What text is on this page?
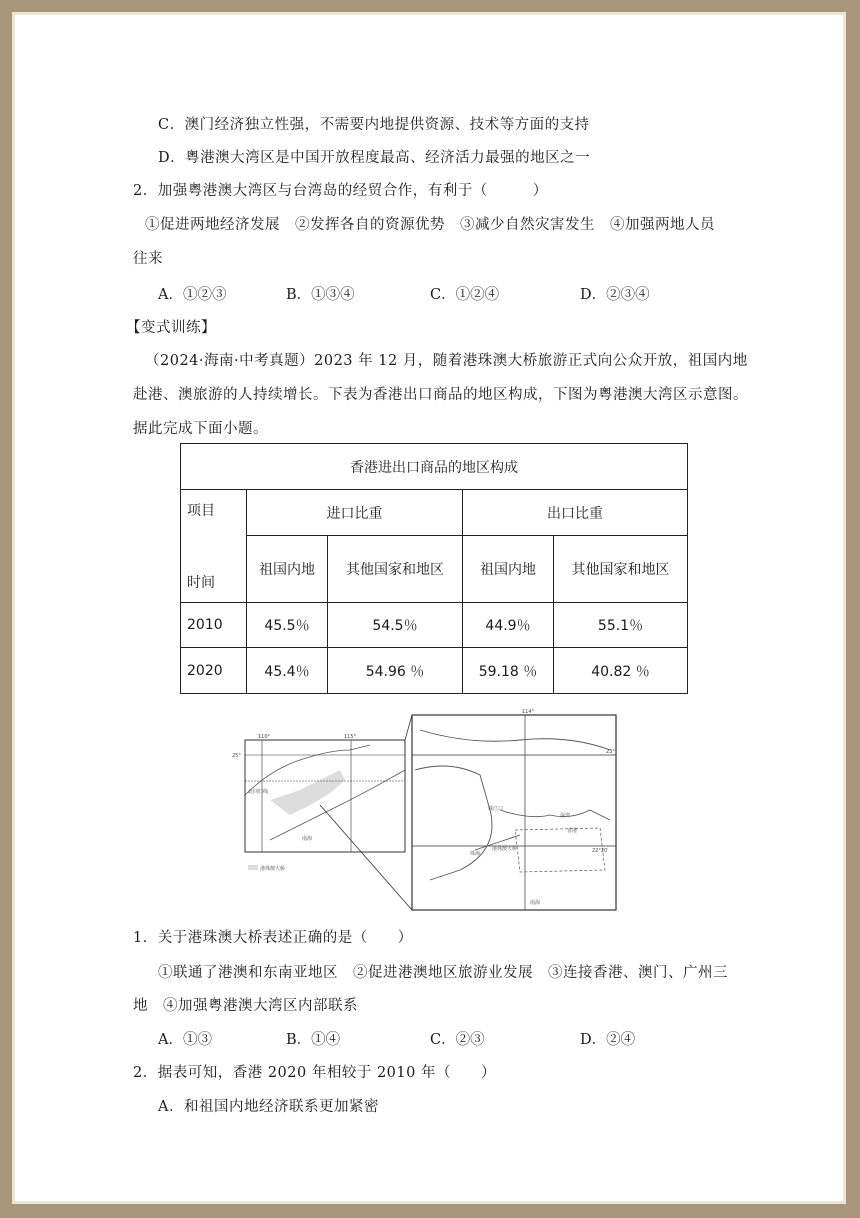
C．澳门经济独立性强，不需要内地提供资源、技术等方面的支持
D．粤港澳大湾区是中国开放程度最高、经济活力最强的地区之一
2．加强粤港澳大湾区与台湾岛的经贸合作，有利于（　　　）
①促进两地经济发展　②发挥各自的资源优势　③减少自然灾害发生　④加强两地人员
往来
A．①②③	B．①③④	C．①②④	D．②③④
【变式训练】
（2024·海南·中考真题）2023 年 12 月，随着港珠澳大桥旅游正式向公众开放，祖国内地
赴港、澳旅游的人持续增长。下表为香港出口商品的地区构成，下图为粤港澳大湾区示意图。
据此完成下面小题。
香港进出口商品的地区构成				

项目
时间	进口比重		出口比重	
	祖国内地	其他国家和地区	祖国内地	其他国家和地区
2010	45.5％	54.5％	44.9％	55.1％
2020	45.4％	54.96 ％	59.18 ％	40.82 ％
110°	115°
25°
北回归线
南海
港珠澳大桥
114°
23°
22°20′
珠江口
深圳
香港
珠海
港珠澳大桥
南海
1．关于港珠澳大桥表述正确的是（　　）
①联通了港澳和东南亚地区　②促进港澳地区旅游业发展　③连接香港、澳门、广州三
地　④加强粤港澳大湾区内部联系
A．①③	B．①④	C．②③	D．②④
2．据表可知，香港 2020 年相较于 2010 年（　　）
A．和祖国内地经济联系更加紧密
